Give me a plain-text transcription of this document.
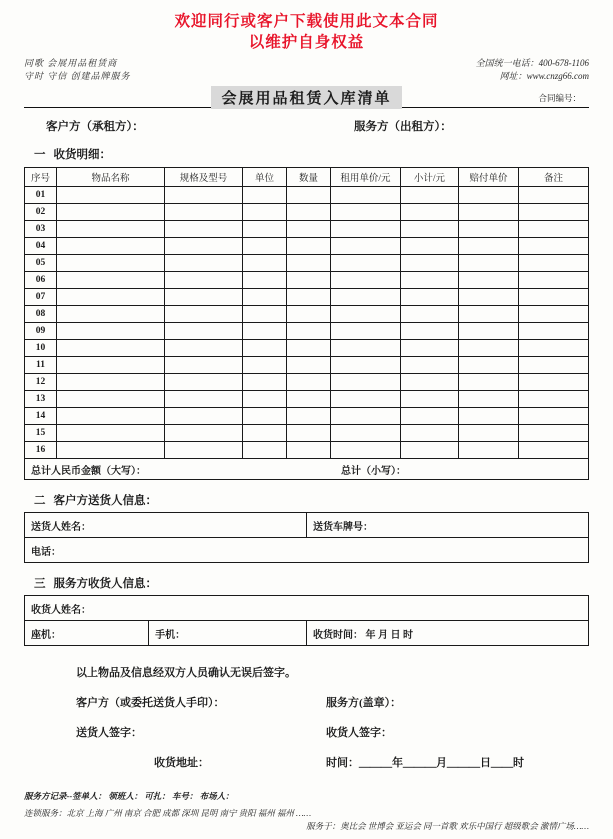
欢迎同行或客户下载使用此文本合同
以维护自身权益
同歌 会展用品租赁商
守时 守信 创建品牌服务
全国统一电话：400-678-1106
网址：www.cnzg66.com
会展用品租赁入库清单	合同编号：
客户方（承租方）：	服务方（出租方）：
一 收货明细：
序号	物品名称	规格及型号	单位	数量	租用单价/元	小计/元	赔付单价	备注
01								
02								
03								
04								
05								
06								
07								
08								
09								
10								
11								
12								
13								
14								
15								
16								

总计人民币金额（大写）： 总计（小写）：								
二 客户方送货人信息：
送货人姓名：	送货车牌号：
电话：
三 服务方收货人信息：
收货人姓名：
座机：	手机：	收货时间： 年 月 日 时
以上物品及信息经双方人员确认无误后签字。
客户方（或委托送货人手印）：	服务方(盖章）：
送货人签字：	收货人签字：
收货地址：	时间：＿＿＿年＿＿＿月＿＿＿日＿＿时
服务方记录--签单人： 领班人： 可扎： 车号： 布场人：
连锁服务：北京 上海 广州 南京 合肥 成都 深圳 昆明 南宁 贵阳 福州 福州 ……
服务于：奥比会 世博会 亚运会 同一首歌 欢乐中国行 超级歌会 激情广场……
